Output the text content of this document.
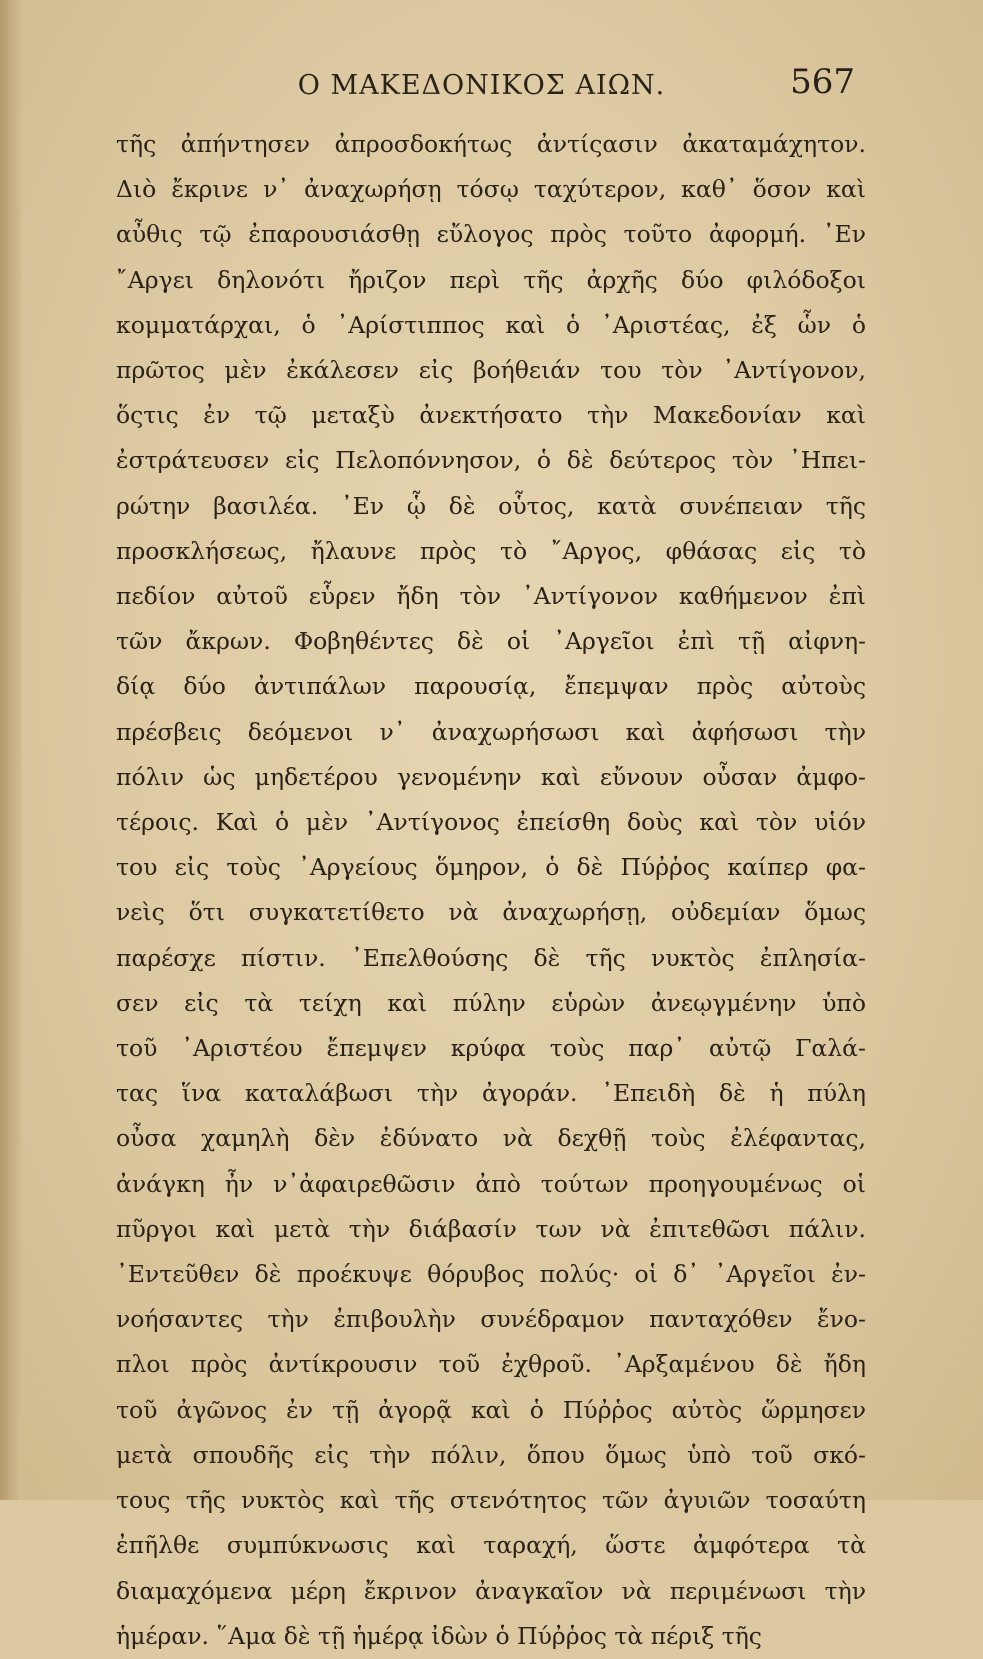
Ο ΜΑΚΕΔΟΝΙΚΟΣ ΑΙΩΝ.	567
τῆς ἀπήντησεν ἀπροσδοκήτως ἀντίςασιν ἀκαταμάχητον.
Διὸ ἔκρινε ν᾿ ἀναχωρήσῃ τόσῳ ταχύτερον, καθ᾿ ὅσον καὶ
αὖθις τῷ ἐπαρουσιάσθῃ εὔλογος πρὸς τοῦτο ἀφορμή. ᾿Εν
῎Αργει δηλονότι ἤριζον περὶ τῆς ἀρχῆς δύο φιλόδοξοι
κομματάρχαι, ὁ ᾿Αρίστιππος καὶ ὁ ᾿Αριστέας, ἐξ ὧν ὁ
πρῶτος μὲν ἐκάλεσεν εἰς βοήθειάν του τὸν ᾿Αντίγονον,
ὅςτις ἐν τῷ μεταξὺ ἀνεκτήσατο τὴν Μακεδονίαν καὶ
ἐστράτευσεν εἰς Πελοπόννησον, ὁ δὲ δεύτερος τὸν ᾿Ηπει-
ρώτην βασιλέα. ᾿Εν ᾧ δὲ οὗτος, κατὰ συνέπειαν τῆς
προσκλήσεως, ἤλαυνε πρὸς τὸ ῎Αργος, φθάσας εἰς τὸ
πεδίον αὐτοῦ εὗρεν ἤδη τὸν ᾿Αντίγονον καθήμενον ἐπὶ
τῶν ἄκρων. Φοβηθέντες δὲ οἱ ᾿Αργεῖοι ἐπὶ τῇ αἰφνη-
δίᾳ δύο ἀντιπάλων παρουσίᾳ, ἔπεμψαν πρὸς αὐτοὺς
πρέσβεις δεόμενοι ν᾿ ἀναχωρήσωσι καὶ ἀφήσωσι τὴν
πόλιν ὡς μηδετέρου γενομένην καὶ εὔνουν οὖσαν ἀμφο-
τέροις. Καὶ ὁ μὲν ᾿Αντίγονος ἐπείσθη δοὺς καὶ τὸν υἱόν
του εἰς τοὺς ᾿Αργείους ὅμηρον, ὁ δὲ Πύῤῥος καίπερ φα-
νεὶς ὅτι συγκατετίθετο νὰ ἀναχωρήσῃ, οὐδεμίαν ὅμως
παρέσχε πίστιν. ᾿Επελθούσης δὲ τῆς νυκτὸς ἐπλησία-
σεν εἰς τὰ τείχη καὶ πύλην εὑρὼν ἀνεῳγμένην ὑπὸ
τοῦ ᾿Αριστέου ἔπεμψεν κρύφα τοὺς παρ᾿ αὐτῷ Γαλά-
τας ἵνα καταλάβωσι τὴν ἀγοράν. ᾿Επειδὴ δὲ ἡ πύλη
οὖσα χαμηλὴ δὲν ἐδύνατο νὰ δεχθῇ τοὺς ἐλέφαντας,
ἀνάγκη ἦν ν᾿ἀφαιρεθῶσιν ἀπὸ τούτων προηγουμένως οἱ
πῦργοι καὶ μετὰ τὴν διάβασίν των νὰ ἐπιτεθῶσι πάλιν.
᾿Εντεῦθεν δὲ προέκυψε θόρυβος πολύς· οἱ δ᾿ ᾿Αργεῖοι ἐν-
νοήσαντες τὴν ἐπιβουλὴν συνέδραμον πανταχόθεν ἔνο-
πλοι πρὸς ἀντίκρουσιν τοῦ ἐχθροῦ. ᾿Αρξαμένου δὲ ἤδη
τοῦ ἀγῶνος ἐν τῇ ἀγορᾷ καὶ ὁ Πύῤῥος αὐτὸς ὥρμησεν
μετὰ σπουδῆς εἰς τὴν πόλιν, ὅπου ὅμως ὑπὸ τοῦ σκό-
τους τῆς νυκτὸς καὶ τῆς στενότητος τῶν ἀγυιῶν τοσαύτη
ἐπῆλθε συμπύκνωσις καὶ ταραχή, ὥστε ἀμφότερα τὰ
διαμαχόμενα μέρη ἔκρινον ἀναγκαῖον νὰ περιμένωσι τὴν
ἡμέραν. ῞Αμα δὲ τῇ ἡμέρᾳ ἰδὼν ὁ Πύῤῥος τὰ πέριξ τῆς
